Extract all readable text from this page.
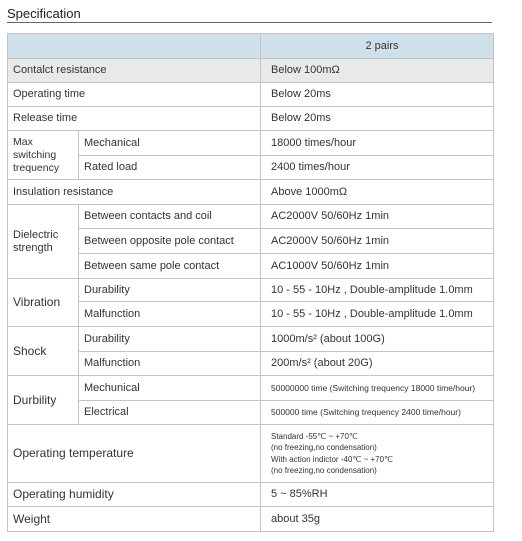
Specification
		2 pairs
Contalct resistance		Below 100mΩ
Operating time		Below 20ms
Release time		Below 20ms
Max switching trequency	Mechanical	18000 times/hour
	Rated load	2400 times/hour
Insulation resistance		Above 1000mΩ
Dielectric strength	Between contacts and coil	AC2000V 50/60Hz 1min
	Between opposite pole contact	AC2000V 50/60Hz 1min
	Between same pole contact	AC1000V 50/60Hz 1min
Vibration	Durability	10 - 55 - 10Hz , Double-amplitude 1.0mm
	Malfunction	10 - 55 - 10Hz , Double-amplitude 1.0mm
Shock	Durability	1000m/s² (about 100G)
	Malfunction	200m/s² (about 20G)
Durbility	Mechunical	50000000 time (Switching trequency 18000 time/hour)
	Electrical	500000 time (Switching trequency 2400 time/hour)
Operating temperature		Standard -55℃ ~ +70℃
(no freezing,no condensation)
With action indictor -40℃ ~ +70℃
(no freezing,no condensation)

Operating humidity		5 ~ 85%RH
Weight		about 35g
